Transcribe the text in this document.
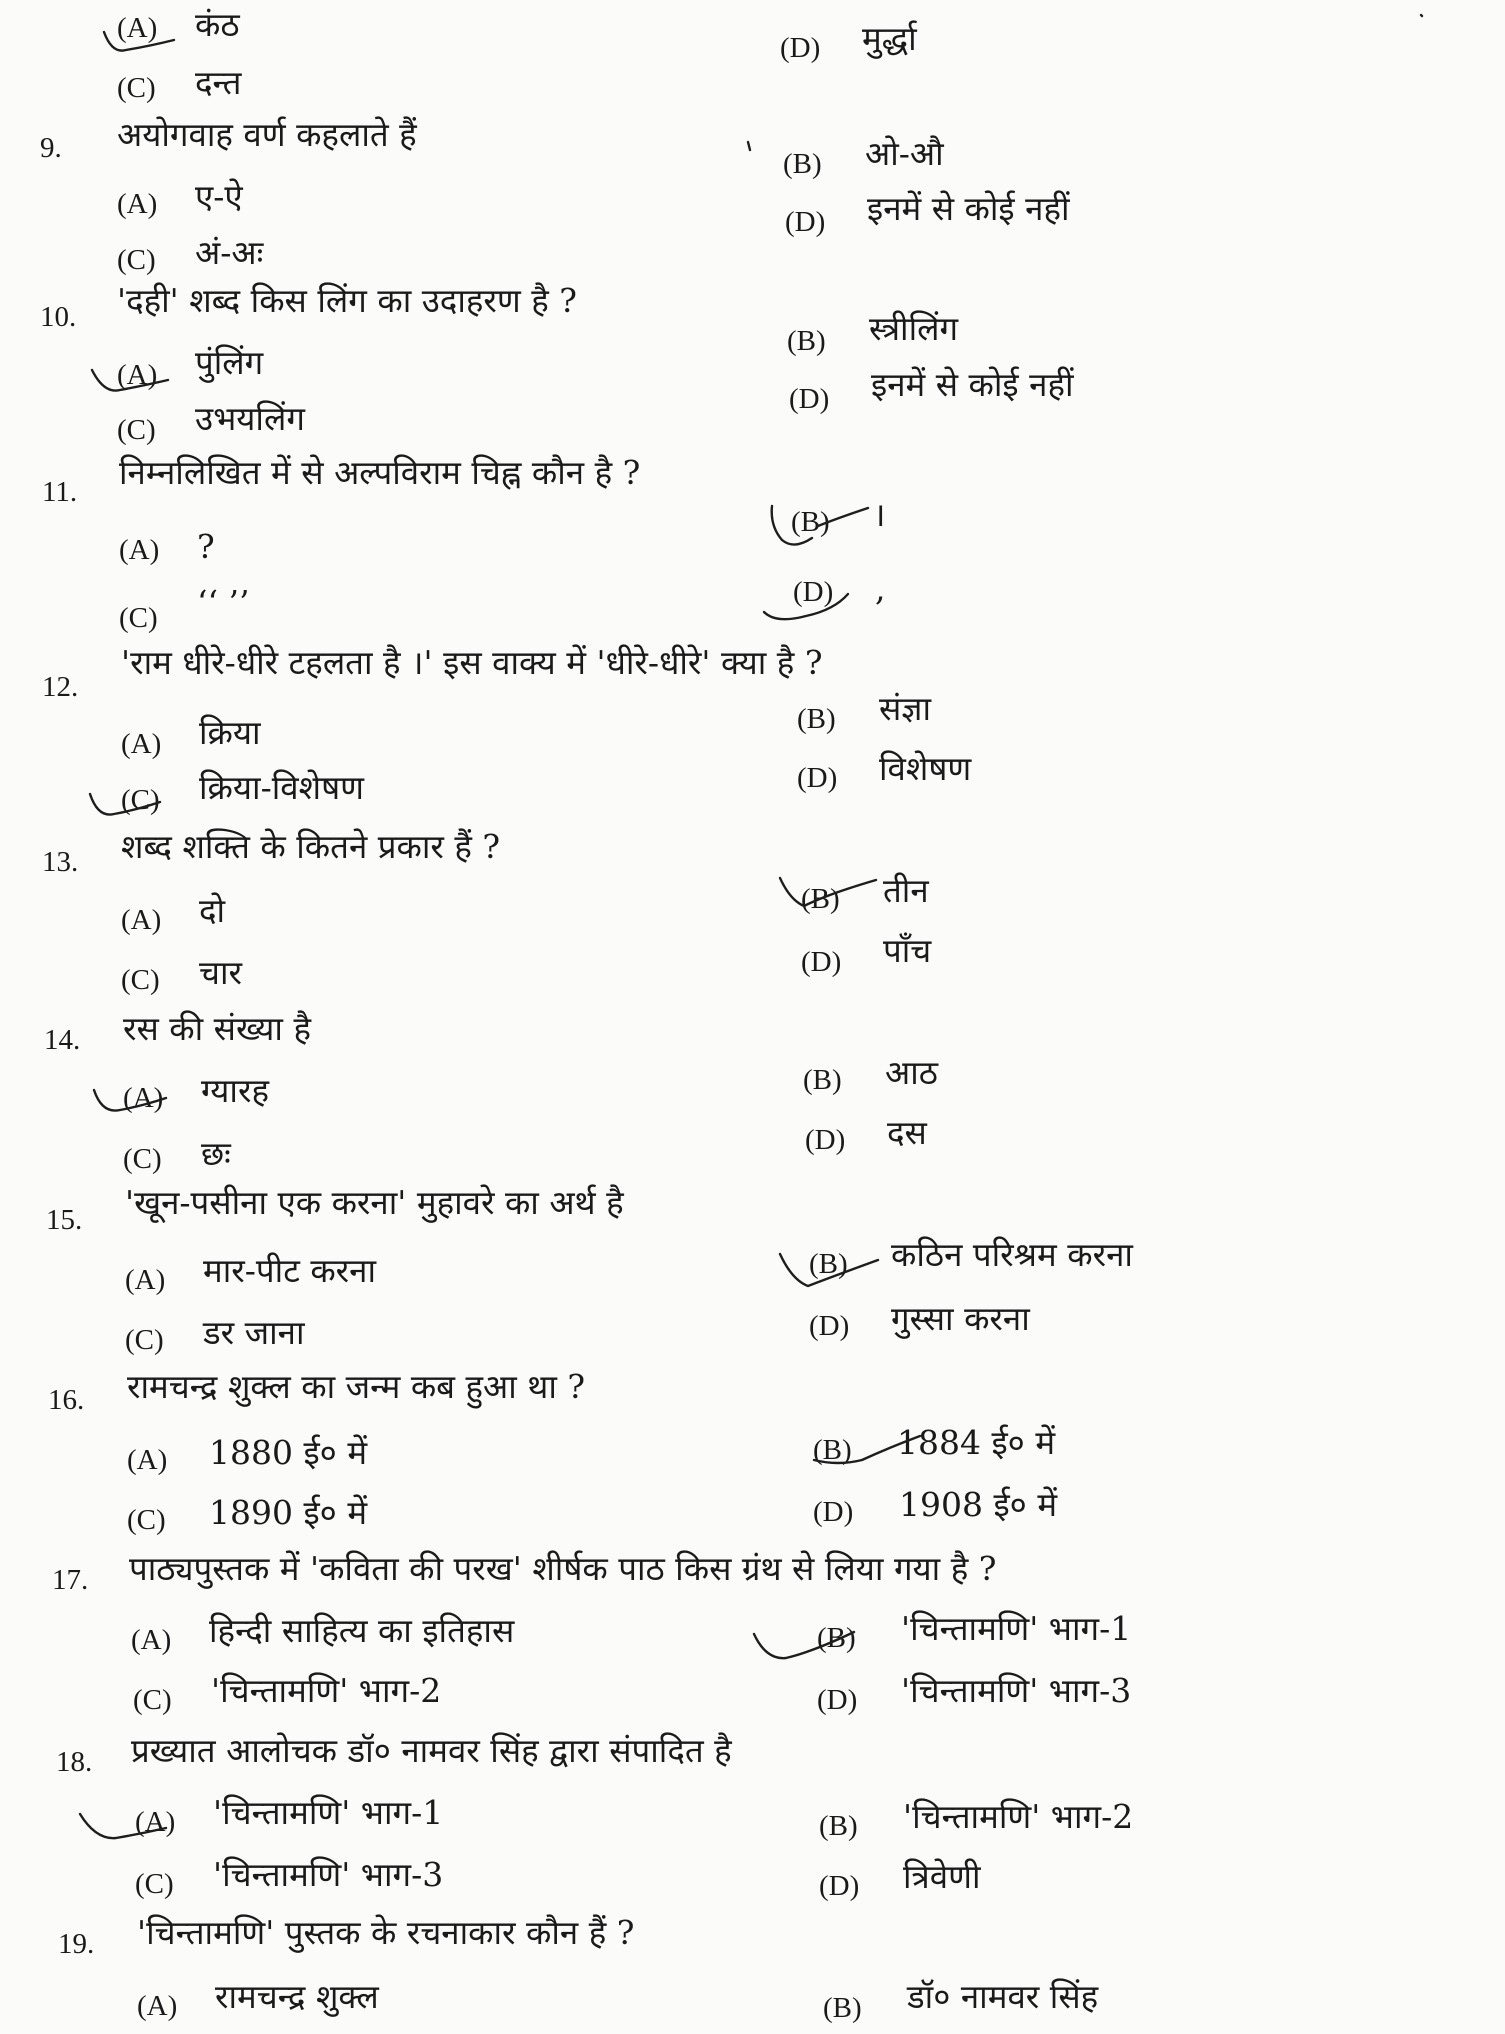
(A) कंठ
(D) मुर्द्धा
(C) दन्त
9. अयोगवाह वर्ण कहलाते हैं
(A) ए-ऐ
(B) ओ-औ
(C) अं-अः
(D) इनमें से कोई नहीं
10. 'दही' शब्द किस लिंग का उदाहरण है ?
(A) पुंलिंग
(B) स्त्रीलिंग
(C) उभयलिंग	(D) इनमें से कोई नहीं
11. निम्नलिखित में से अल्पविराम चिह्न कौन है ?
(A) ?
(B) ।
(C) ‘‘ ’’	(D) ,
12.
'राम धीरे-धीरे टहलता है ।' इस वाक्य में 'धीरे-धीरे' क्या है ?
(A) क्रिया	(B) संज्ञा
(C) क्रिया-विशेषण	(D) विशेषण
13. शब्द शक्ति के कितने प्रकार हैं ?
(A) दो	(B) तीन
(C) चार	(D) पाँच
14. रस की संख्या है
(A) ग्यारह	(B) आठ
(C) छः	(D) दस
15. 'खून-पसीना एक करना' मुहावरे का अर्थ है
(A) मार-पीट करना	(B) कठिन परिश्रम करना
(C) डर जाना	(D) गुस्सा करना
16. रामचन्द्र शुक्ल का जन्म कब हुआ था ?
(A) 1880 ई० में	(B) 1884 ई० में
(C) 1890 ई० में	(D) 1908 ई० में
17. पाठ्यपुस्तक में 'कविता की परख' शीर्षक पाठ किस ग्रंथ से लिया गया है ?
(A) हिन्दी साहित्य का इतिहास	(B) 'चिन्तामणि' भाग-1
(C) 'चिन्तामणि' भाग-2	(D) 'चिन्तामणि' भाग-3
18. प्रख्यात आलोचक डॉ० नामवर सिंह द्वारा संपादित है
(A) 'चिन्तामणि' भाग-1	(B) 'चिन्तामणि' भाग-2
(C) 'चिन्तामणि' भाग-3	(D) त्रिवेणी
19. 'चिन्तामणि' पुस्तक के रचनाकार कौन हैं ?
(A) रामचन्द्र शुक्ल	(B) डॉ० नामवर सिंह
